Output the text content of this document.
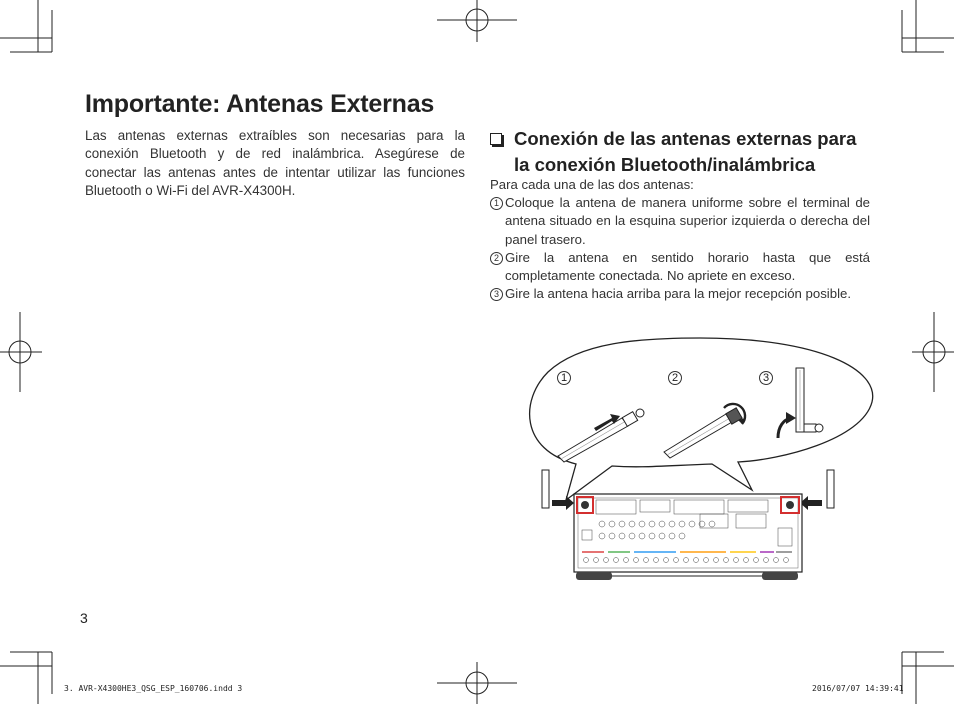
Importante: Antenas Externas
Las antenas externas extraíbles son necesarias para la conexión Bluetooth y de red inalámbrica. Asegúrese de conectar las antenas antes de intentar utilizar las funciones Bluetooth o Wi-Fi del AVR-X4300H.
Conexión de las antenas externas para la conexión Bluetooth/inalámbrica
Para cada una de las dos antenas:

1 Coloque la antena de manera uniforme sobre el terminal de antena situado en la esquina superior izquierda o derecha del panel trasero.

2 Gire la antena en sentido horario hasta que está completamente conectada. No apriete en exceso.

3 Gire la antena hacia arriba para la mejor recepción posible.

1	2	3
3
3. AVR-X4300HE3_QSG_ESP_160706.indd 3	2016/07/07 14:39:41
